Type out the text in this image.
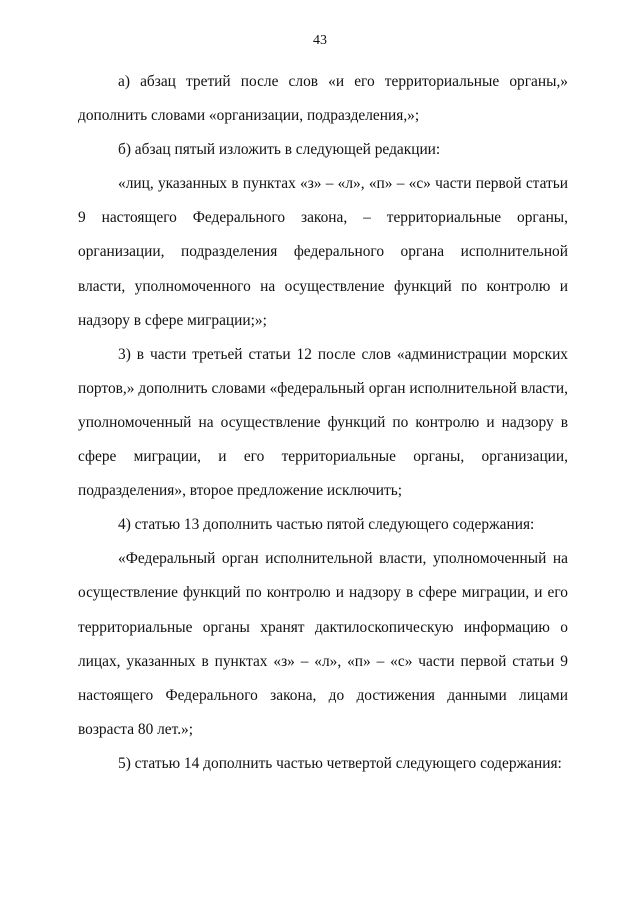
43

а) абзац третий после слов «и его территориальные органы,» дополнить словами «организации, подразделения,»;

б) абзац пятый изложить в следующей редакции:

«лиц, указанных в пунктах «з» – «л», «п» – «с» части первой статьи 9 настоящего Федерального закона, – территориальные органы, организации, подразделения федерального органа исполнительной власти, уполномоченного на осуществление функций по контролю и надзору в сфере миграции;»;

3) в части третьей статьи 12 после слов «администрации морских портов,» дополнить словами «федеральный орган исполнительной власти, уполномоченный на осуществление функций по контролю и надзору в сфере миграции, и его территориальные органы, организации, подразделения», второе предложение исключить;

4) статью 13 дополнить частью пятой следующего содержания:

«Федеральный орган исполнительной власти, уполномоченный на осуществление функций по контролю и надзору в сфере миграции, и его территориальные органы хранят дактилоскопическую информацию о лицах, указанных в пунктах «з» – «л», «п» – «с» части первой статьи 9 настоящего Федерального закона, до достижения данными лицами возраста 80 лет.»;

5) статью 14 дополнить частью четвертой следующего содержания:
